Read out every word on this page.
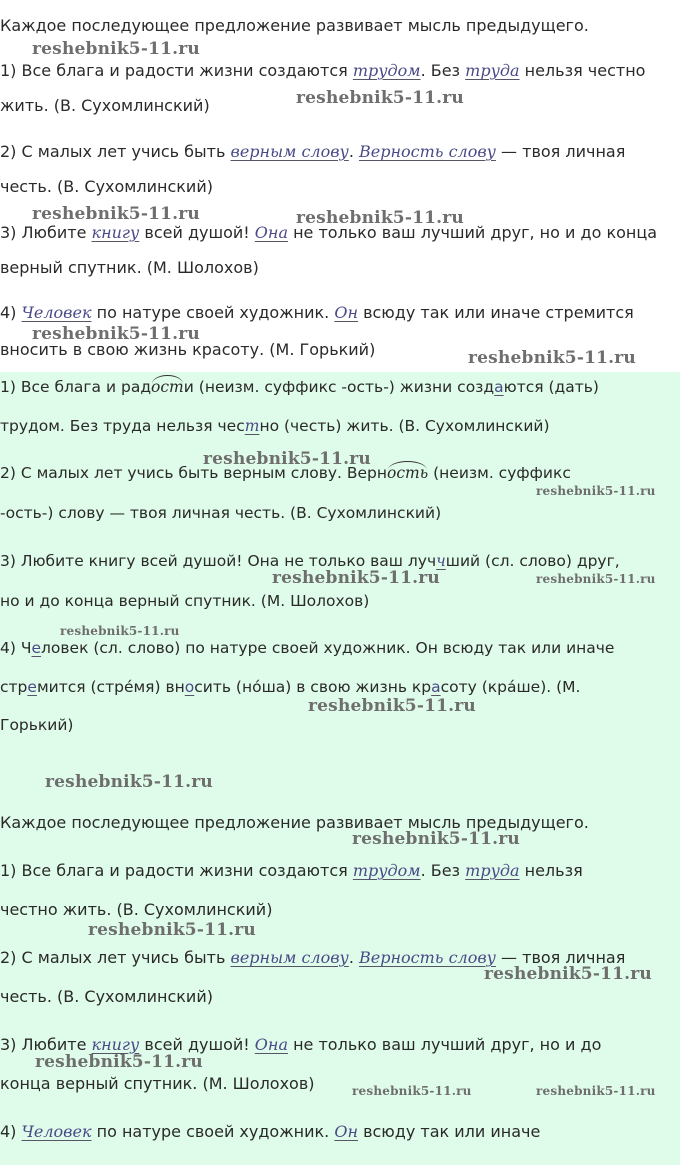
Каждое последующее предложение развивает мысль предыдущего.
1) Все блага и радости жизни создаются трудом. Без труда нельзя честно
жить. (В. Сухомлинский)
2) С малых лет учись быть верным слову. Верность слову — твоя личная
честь. (В. Сухомлинский)
3) Любите книгу всей душой! Она не только ваш лучший друг, но и до конца
верный спутник. (М. Шолохов)
4) Человек по натуре своей художник. Он всюду так или иначе стремится
вносить в свою жизнь красоту. (М. Горький)
1) Все блага и радости (неизм. суффикс -ость-) жизни создаются (дать)
трудом. Без труда нельзя честно (честь) жить. (В. Сухомлинский)
2) С малых лет учись быть верным слову. Верность (неизм. суффикс
-ость-) слову — твоя личная честь. (В. Сухомлинский)
3) Любите книгу всей душой! Она не только ваш луччший (сл. слово) друг,
но и до конца верный спутник. (М. Шолохов)
4) Человек (сл. слово) по натуре своей художник. Он всюду так или иначе
стремится (стрéмя) вносить (нóша) в свою жизнь красоту (крáше). (М.
Горький)
Каждое последующее предложение развивает мысль предыдущего.
1) Все блага и радости жизни создаются трудом. Без труда нельзя
честно жить. (В. Сухомлинский)
2) С малых лет учись быть верным слову. Верность слову — твоя личная
честь. (В. Сухомлинский)
3) Любите книгу всей душой! Она не только ваш лучший друг, но и до
конца верный спутник. (М. Шолохов)
4) Человек по натуре своей художник. Он всюду так или иначе
reshebnik5-11.ru
reshebnik5-11.ru
reshebnik5-11.ru	reshebnik5-11.ru
reshebnik5-11.ru
reshebnik5-11.ru
reshebnik5-11.ru
reshebnik5-11.ru
reshebnik5-11.ru	reshebnik5-11.ru
reshebnik5-11.ru
reshebnik5-11.ru
reshebnik5-11.ru
reshebnik5-11.ru
reshebnik5-11.ru
reshebnik5-11.ru
reshebnik5-11.ru
reshebnik5-11.ru	reshebnik5-11.ru
